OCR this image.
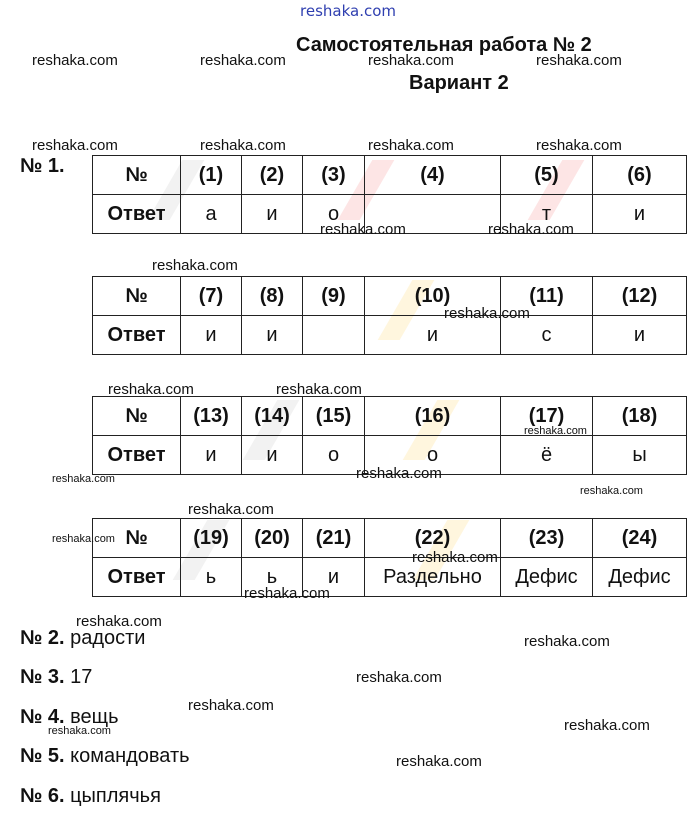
reshaka.com
Самостоятельная работа № 2
Вариант 2
№ 1.	№	(1)	(2)	(3)	(4)	(5)	(6)
Ответ	а	и	о		т	и
№	(7)	(8)	(9)	(10)	(11)	(12)
Ответ	и	и		и	с	и
№	(13)	(14)	(15)	(16)	(17)	(18)
Ответ	и	и	о	о	ё	ы
№	(19)	(20)	(21)	(22)	(23)	(24)
Ответ	ь	ь	и	Раздельно	Дефис	Дефис
№ 2. радости
№ 3. 17
№ 4. вещь
№ 5. командовать
№ 6. цыплячья
reshaka.com	reshaka.com	reshaka.com	reshaka.com
reshaka.com	reshaka.com	reshaka.com	reshaka.com
reshaka.com	reshaka.com
reshaka.com
reshaka.com
reshaka.com	reshaka.com
reshaka.com
reshaka.com
reshaka.com
reshaka.com
reshaka.com
reshaka.com
reshaka.com
reshaka.com
reshaka.com
reshaka.com
reshaka.com
reshaka.com
reshaka.com	reshaka.com
reshaka.com
